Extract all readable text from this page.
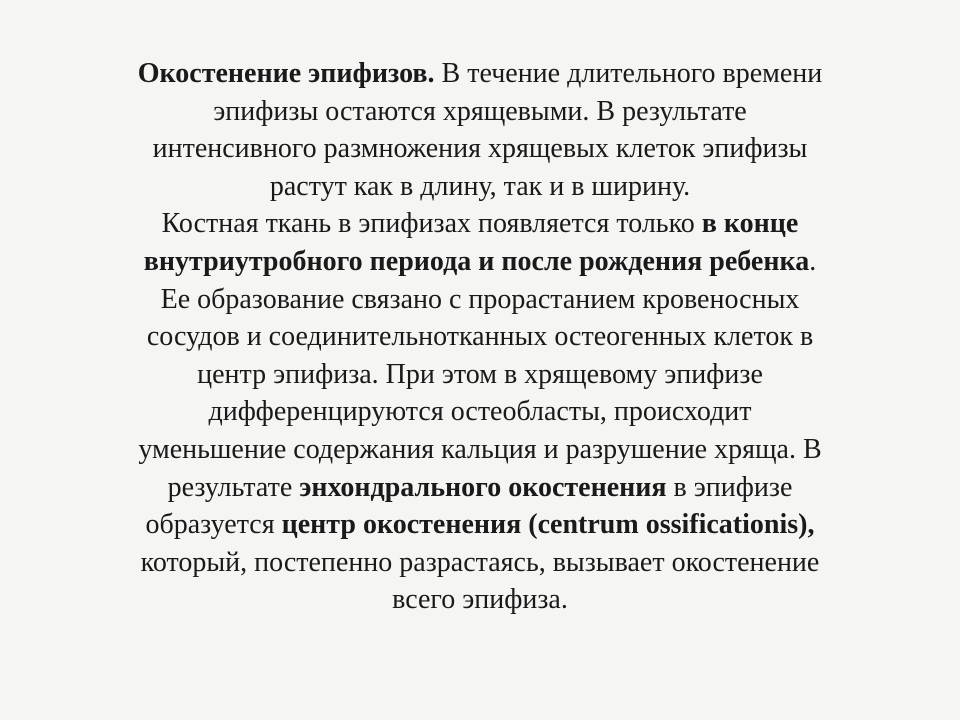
Окостенение эпифизов. В течение длительного времени
эпифизы остаются хрящевыми. В результате
интенсивного размножения хрящевых клеток эпифизы
растут как в длину, так и в ширину.
Костная ткань в эпифизах появляется только в конце
внутриутробного периода и после рождения ребенка.
Ее образование связано с прорастанием кровеносных
сосудов и соединительнотканных остеогенных клеток в
центр эпифиза. При этом в хрящевому эпифизе
дифференцируются остеобласты, происходит
уменьшение содержания кальция и разрушение хряща. В
результате энхондрального окостенения в эпифизе
образуется центр окостенения (centrum ossificationis),
который, постепенно разрастаясь, вызывает окостенение
всего эпифиза.
